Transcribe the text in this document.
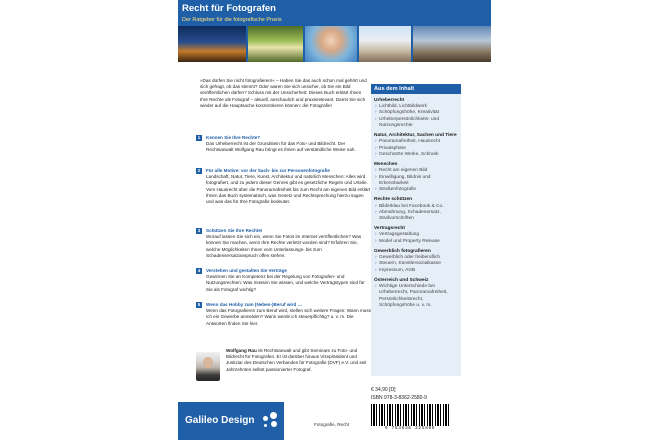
Recht für Fotografen
Der Ratgeber für die fotografische Praxis
»Das dürfen Sie nicht fotografieren!« – Haben Sie das auch schon mal gehört und sich gefragt, ob das stimmt? Oder waren Sie sich unsicher, ob Sie ein Bild veröffentlichen dürfen? Schluss mit der Unsicherheit: Dieses Buch erklärt Ihnen Ihre Rechte als Fotograf – aktuell, anschaulich und praxisrelevant. Damit Sie sich wieder auf die Hauptsache konzentrieren können: die Fotografie!
1	Kennen Sie Ihre Rechte?
Das Urheberrecht ist der Grundstein für das Foto- und Bildrecht. Der Rechtsanwalt Wolfgang Rau bringt es Ihnen auf verständliche Weise nah.
2	Für alle Motive: vor der Sach- bis zur Personenfotografie
Landschaft, Natur, Tiere, Kunst, Architektur und natürlich Menschen: Alles wird fotografiert, und zu jedem dieser Genres gibt es gesetzliche Regeln und Urteile. Vom Hausrecht über die Panoramafreiheit bis zum Recht am eigenen Bild erklärt Ihnen das Buch systematisch, was Gesetz und Rechtsprechung hierzu sagen und was das für Ihre Fotografie bedeutet.
3	Schützen Sie Ihre Rechte!
Worauf lassen Sie sich ein, wenn Sie Fotos im Internet veröffentlichen? Was können Sie machen, wenn Ihre Rechte verletzt worden sind? Erfahren Sie, welche Möglichkeiten Ihnen vom Unterlassungs- bis zum Schadensersatzanspruch offen stehen.
4	Verstehen und gestalten Sie Verträge
Gewinnen Sie an Kompetenz bei der Regelung von Fotografen- und Nutzungsrechten: Was müssen Sie wissen, und welche Vertragstypen sind für Sie als Fotograf wichtig?
5	Wenn das Hobby zum (Neben-)Beruf wird …
Wenn das Fotografieren zum Beruf wird, stellen sich weitere Fragen: Wann muss ich ein Gewerbe anmelden? Wann werde ich steuerpflichtig? u. v. m. Die Antworten finden Sie hier.
Wolfgang Rau ist Rechtsanwalt und gibt Seminare zu Foto- und Bildrecht für Fotografen. Er ist darüber hinaus Vizepräsident und Justiziar des Deutschen Verbandes für Fotografie (DVF) e.V. und seit Jahrzehnten selbst passionierter Fotograf.
Galileo Design	Fotografie, Recht
Aus dem Inhalt
Urheberrecht
› Lichtbild, Lichtbildwerk
› Schöpfungshöhe, Kreativität
› Urheberpersönlichkeits- und Nutzungsrechte
Natur, Architektur, Sachen und Tiere
› Panoramafreiheit, Hausrecht
› Privatsphäre
› Geschützte Werke, Schrank
Menschen
› Recht am eigenen Bild
› Einwilligung, Bildnis und Erkennbarkeit
› Straßenfotografie
Rechte schützen
› Bilderklau bei Facebook & Co.
› Abmahnung, Schadenersatz, Strafvorschriften
Vertragsrecht
› Vertragsgestaltung
› Model und Property Release
Gewerblich fotografieren
› Gewerblich oder freiberuflich
› Steuern, Künstlersozialkasse
› Impressum, AGB
Österreich und Schweiz
› Wichtige Unterschiede bei Urheberrecht, Panoramafreiheit, Persönlichkeitsrecht, Schöpfungshöhe u. v. m.
€ 34,90 [D]
ISBN 978-3-8362-2580-9
9 783836 225809
